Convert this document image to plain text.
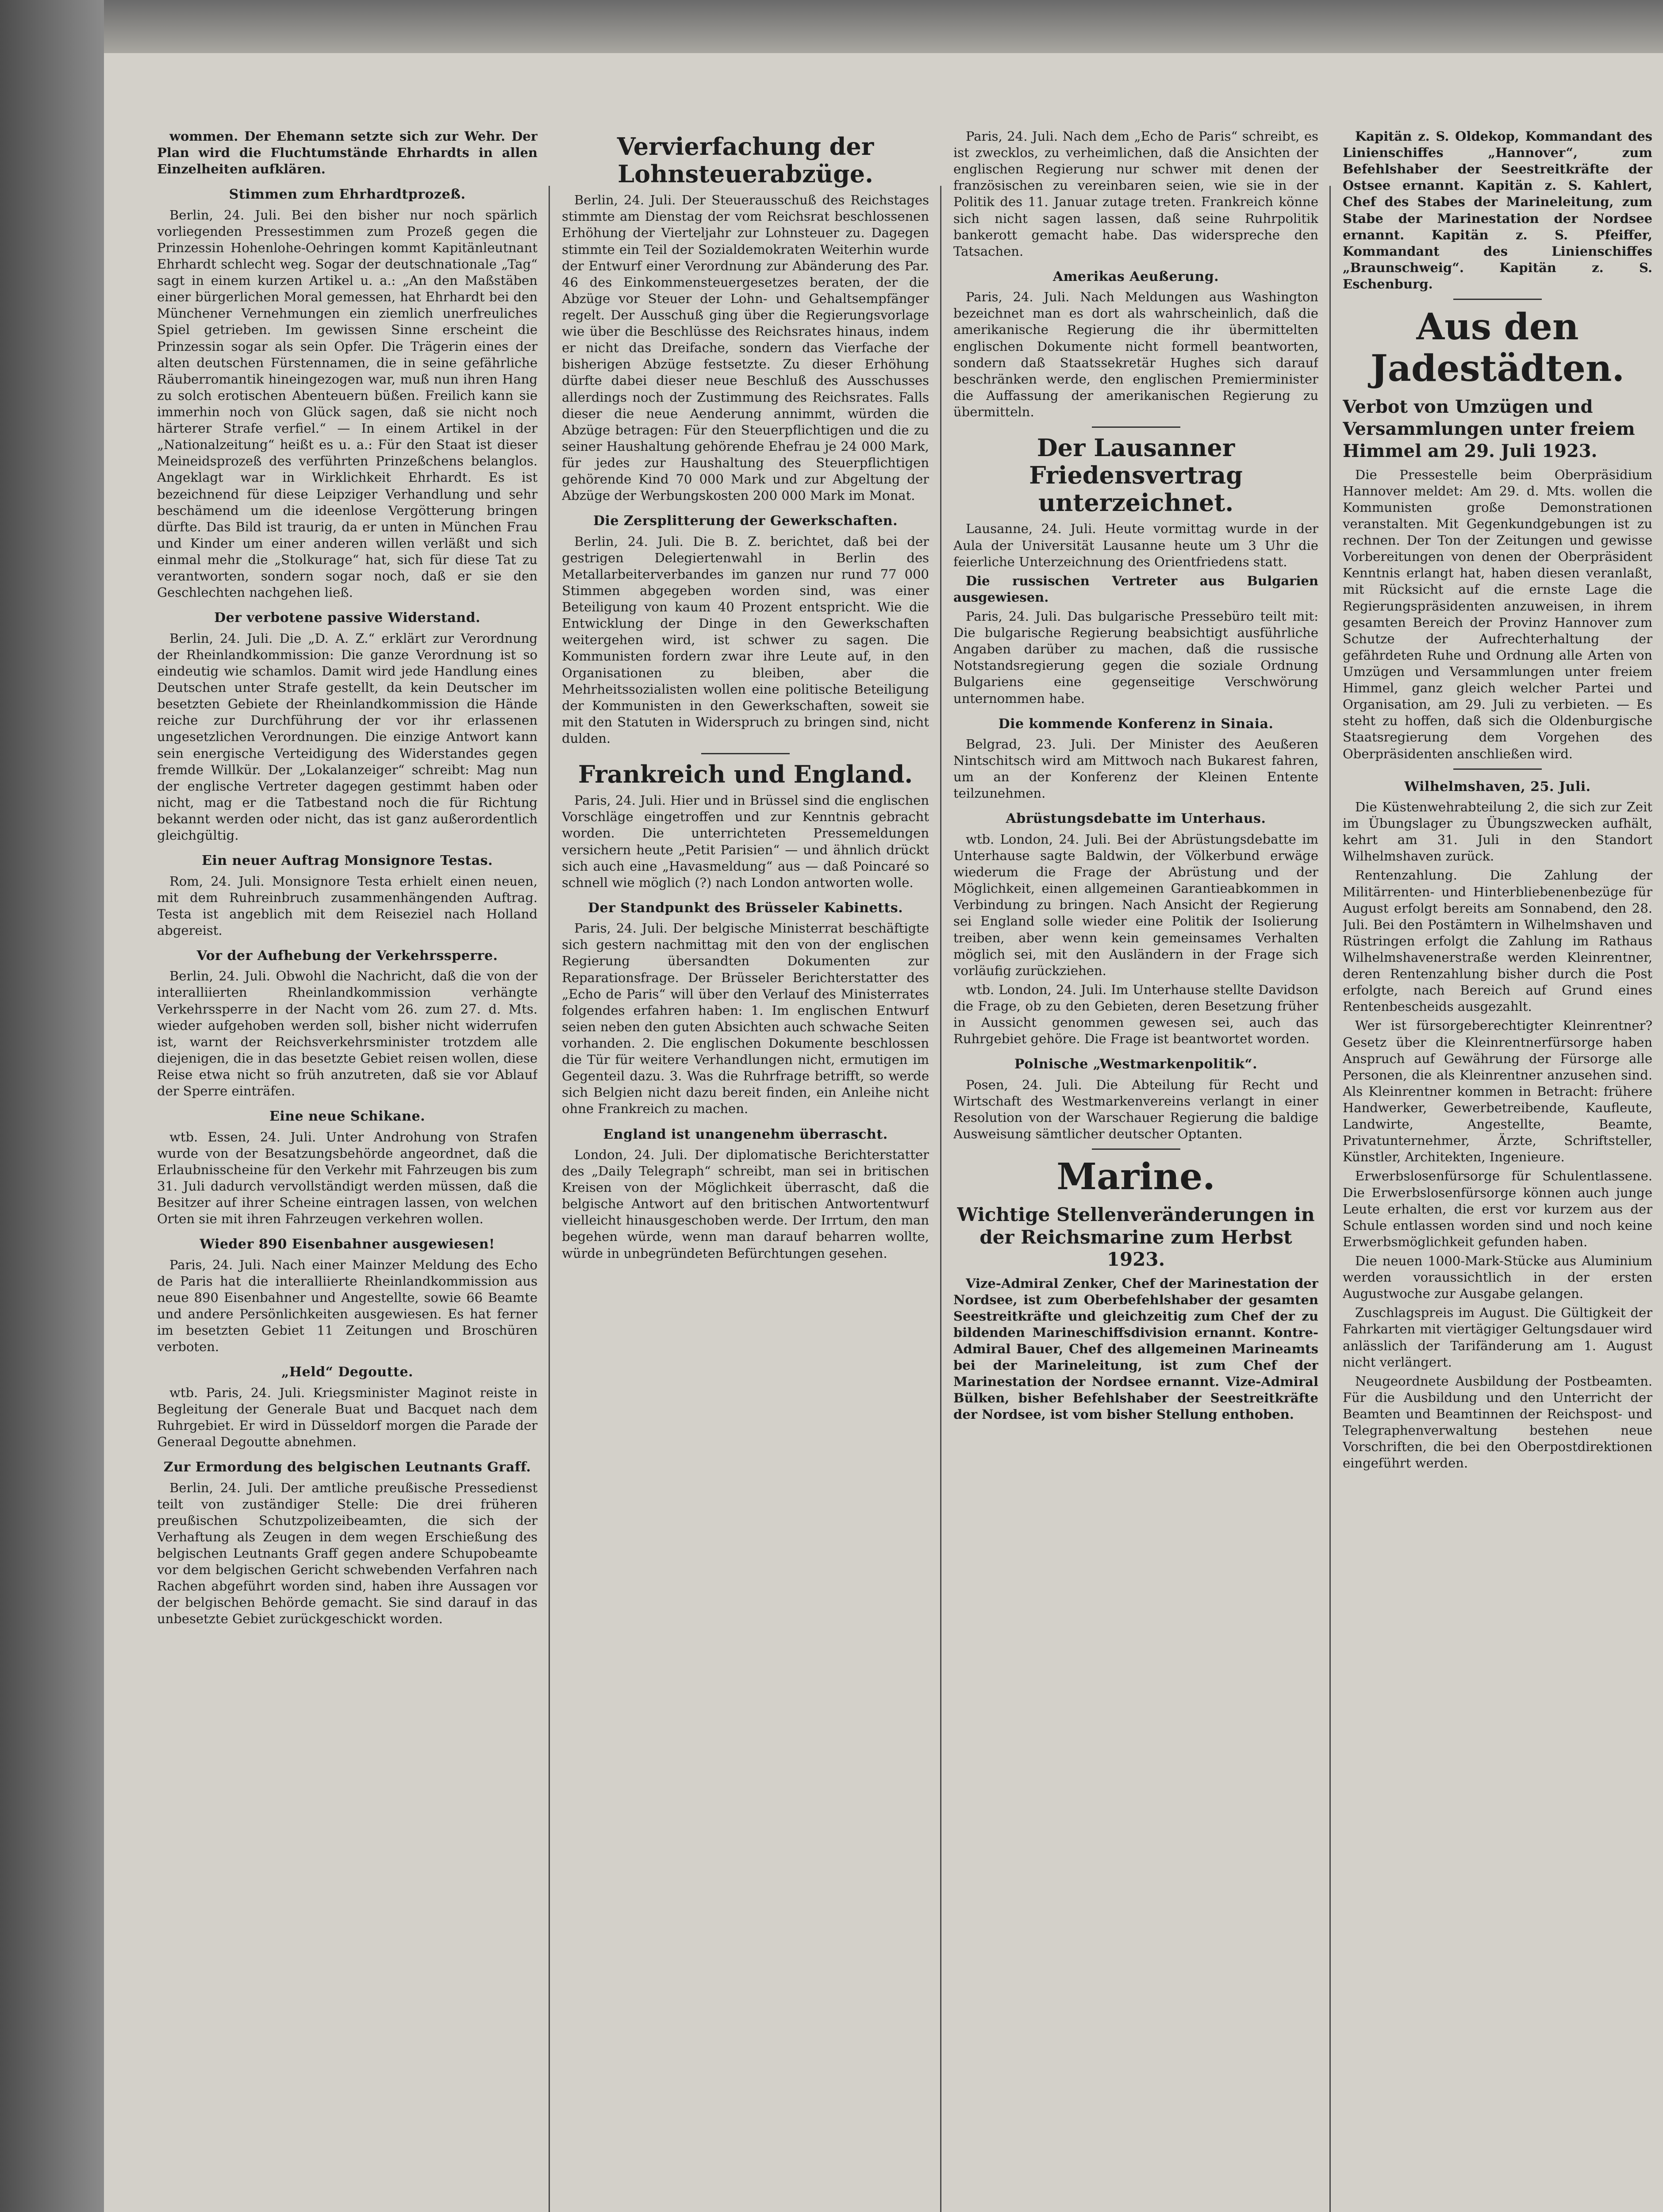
wommen. Der Ehemann setzte sich zur Wehr. Der Plan wird die Fluchtumstände Ehrhardts in allen Einzelheiten aufklären.

Stimmen zum Ehrhardtprozeß.

Berlin, 24. Juli. Bei den bisher nur noch spärlich vorliegenden Pressestimmen zum Prozeß gegen die Prinzessin Hohenlohe-Oehringen kommt Kapitänleutnant Ehrhardt schlecht weg. Sogar der deutschnationale „Tag“ sagt in einem kurzen Artikel u. a.: „An den Maßstäben einer bürgerlichen Moral gemessen, hat Ehrhardt bei den Münchener Vernehmungen ein ziemlich unerfreuliches Spiel getrieben. Im gewissen Sinne erscheint die Prinzessin sogar als sein Opfer. Die Trägerin eines der alten deutschen Fürstennamen, die in seine gefährliche Räuberromantik hineingezogen war, muß nun ihren Hang zu solch erotischen Abenteuern büßen. Freilich kann sie immerhin noch von Glück sagen, daß sie nicht noch härterer Strafe verfiel.“ — In einem Artikel in der „Nationalzeitung“ heißt es u. a.: Für den Staat ist dieser Meineidsprozeß des verführten Prinzeßchens belanglos. Angeklagt war in Wirklichkeit Ehrhardt. Es ist bezeichnend für diese Leipziger Verhandlung und sehr beschämend um die ideenlose Vergötterung bringen dürfte. Das Bild ist traurig, da er unten in München Frau und Kinder um einer anderen willen verläßt und sich einmal mehr die „Stolkurage“ hat, sich für diese Tat zu verantworten, sondern sogar noch, daß er sie den Geschlechten nachgehen ließ.

Der verbotene passive Widerstand.

Berlin, 24. Juli. Die „D. A. Z.“ erklärt zur Verordnung der Rheinlandkommission: Die ganze Verordnung ist so eindeutig wie schamlos. Damit wird jede Handlung eines Deutschen unter Strafe gestellt, da kein Deutscher im besetzten Gebiete der Rheinlandkommission die Hände reiche zur Durchführung der vor ihr erlassenen ungesetzlichen Verordnungen. Die einzige Antwort kann sein energische Verteidigung des Widerstandes gegen fremde Willkür. Der „Lokalanzeiger“ schreibt: Mag nun der englische Vertreter dagegen gestimmt haben oder nicht, mag er die Tatbestand noch die für Richtung bekannt werden oder nicht, das ist ganz außerordentlich gleichgültig.

Ein neuer Auftrag Monsignore Testas.

Rom, 24. Juli. Monsignore Testa erhielt einen neuen, mit dem Ruhreinbruch zusammenhängenden Auftrag. Testa ist angeblich mit dem Reiseziel nach Holland abgereist.

Vor der Aufhebung der Verkehrssperre.

Berlin, 24. Juli. Obwohl die Nachricht, daß die von der interalliierten Rheinlandkommission verhängte Verkehrssperre in der Nacht vom 26. zum 27. d. Mts. wieder aufgehoben werden soll, bisher nicht widerrufen ist, warnt der Reichsverkehrsminister trotzdem alle diejenigen, die in das besetzte Gebiet reisen wollen, diese Reise etwa nicht so früh anzutreten, daß sie vor Ablauf der Sperre einträfen.

Eine neue Schikane.

wtb. Essen, 24. Juli. Unter Androhung von Strafen wurde von der Besatzungsbehörde angeordnet, daß die Erlaubnisscheine für den Verkehr mit Fahrzeugen bis zum 31. Juli dadurch vervollständigt werden müssen, daß die Besitzer auf ihrer Scheine eintragen lassen, von welchen Orten sie mit ihren Fahrzeugen verkehren wollen.

Wieder 890 Eisenbahner ausgewiesen!

Paris, 24. Juli. Nach einer Mainzer Meldung des Echo de Paris hat die interalliierte Rheinlandkommission aus neue 890 Eisenbahner und Angestellte, sowie 66 Beamte und andere Persönlichkeiten ausgewiesen. Es hat ferner im besetzten Gebiet 11 Zeitungen und Broschüren verboten.

„Held“ Degoutte.

wtb. Paris, 24. Juli. Kriegsminister Maginot reiste in Begleitung der Generale Buat und Bacquet nach dem Ruhrgebiet. Er wird in Düsseldorf morgen die Parade der Generaal Degoutte abnehmen.

Zur Ermordung des belgischen Leutnants Graff.

Berlin, 24. Juli. Der amtliche preußische Pressedienst teilt von zuständiger Stelle: Die drei früheren preußischen Schutzpolizeibeamten, die sich der Verhaftung als Zeugen in dem wegen Erschießung des belgischen Leutnants Graff gegen andere Schupobeamte vor dem belgischen Gericht schwebenden Verfahren nach Rachen abgeführt worden sind, haben ihre Aussagen vor der belgischen Behörde gemacht. Sie sind darauf in das unbesetzte Gebiet zurückgeschickt worden.

Vervierfachung der Lohnsteuerabzüge.

Berlin, 24. Juli. Der Steuerausschuß des Reichstages stimmte am Dienstag der vom Reichsrat beschlossenen Erhöhung der Vierteljahr zur Lohnsteuer zu. Dagegen stimmte ein Teil der Sozialdemokraten Weiterhin wurde der Entwurf einer Verordnung zur Abänderung des Par. 46 des Einkommensteuergesetzes beraten, der die Abzüge vor Steuer der Lohn- und Gehaltsempfänger regelt. Der Ausschuß ging über die Regierungsvorlage wie über die Beschlüsse des Reichsrates hinaus, indem er nicht das Dreifache, sondern das Vierfache der bisherigen Abzüge festsetzte. Zu dieser Erhöhung dürfte dabei dieser neue Beschluß des Ausschusses allerdings noch der Zustimmung des Reichsrates. Falls dieser die neue Aenderung annimmt, würden die Abzüge betragen: Für den Steuerpflichtigen und die zu seiner Haushaltung gehörende Ehefrau je 24 000 Mark, für jedes zur Haushaltung des Steuerpflichtigen gehörende Kind 70 000 Mark und zur Abgeltung der Abzüge der Werbungskosten 200 000 Mark im Monat.

Die Zersplitterung der Gewerkschaften.

Berlin, 24. Juli. Die B. Z. berichtet, daß bei der gestrigen Delegiertenwahl in Berlin des Metallarbeiterverbandes im ganzen nur rund 77 000 Stimmen abgegeben worden sind, was einer Beteiligung von kaum 40 Prozent entspricht. Wie die Entwicklung der Dinge in den Gewerkschaften weitergehen wird, ist schwer zu sagen. Die Kommunisten fordern zwar ihre Leute auf, in den Organisationen zu bleiben, aber die Mehrheitssozialisten wollen eine politische Beteiligung der Kommunisten in den Gewerkschaften, soweit sie mit den Statuten in Widerspruch zu bringen sind, nicht dulden.

Frankreich und England.

Paris, 24. Juli. Hier und in Brüssel sind die englischen Vorschläge eingetroffen und zur Kenntnis gebracht worden. Die unterrichteten Pressemeldungen versichern heute „Petit Parisien“ — und ähnlich drückt sich auch eine „Havasmeldung“ aus — daß Poincaré so schnell wie möglich (?) nach London antworten wolle.

Der Standpunkt des Brüsseler Kabinetts.

Paris, 24. Juli. Der belgische Ministerrat beschäftigte sich gestern nachmittag mit den von der englischen Regierung übersandten Dokumenten zur Reparationsfrage. Der Brüsseler Berichterstatter des „Echo de Paris“ will über den Verlauf des Ministerrates folgendes erfahren haben: 1. Im englischen Entwurf seien neben den guten Absichten auch schwache Seiten vorhanden. 2. Die englischen Dokumente beschlossen die Tür für weitere Verhandlungen nicht, ermutigen im Gegenteil dazu. 3. Was die Ruhrfrage betrifft, so werde sich Belgien nicht dazu bereit finden, ein Anleihe nicht ohne Frankreich zu machen.

England ist unangenehm überrascht.

London, 24. Juli. Der diplomatische Berichterstatter des „Daily Telegraph“ schreibt, man sei in britischen Kreisen von der Möglichkeit überrascht, daß die belgische Antwort auf den britischen Antwortentwurf vielleicht hinausgeschoben werde. Der Irrtum, den man begehen würde, wenn man darauf beharren wollte, würde in unbegründeten Befürchtungen gesehen.

Paris, 24. Juli. Nach dem „Echo de Paris“ schreibt, es ist zwecklos, zu verheimlichen, daß die Ansichten der englischen Regierung nur schwer mit denen der französischen zu vereinbaren seien, wie sie in der Politik des 11. Januar zutage treten. Frankreich könne sich nicht sagen lassen, daß seine Ruhrpolitik bankerott gemacht habe. Das widerspreche den Tatsachen.

Amerikas Aeußerung.

Paris, 24. Juli. Nach Meldungen aus Washington bezeichnet man es dort als wahrscheinlich, daß die amerikanische Regierung die ihr übermittelten englischen Dokumente nicht formell beantworten, sondern daß Staatssekretär Hughes sich darauf beschränken werde, den englischen Premierminister die Auffassung der amerikanischen Regierung zu übermitteln.

Der Lausanner Friedensvertrag unterzeichnet.

Lausanne, 24. Juli. Heute vormittag wurde in der Aula der Universität Lausanne heute um 3 Uhr die feierliche Unterzeichnung des Orientfriedens statt.

Die russischen Vertreter aus Bulgarien ausgewiesen.

Paris, 24. Juli. Das bulgarische Pressebüro teilt mit: Die bulgarische Regierung beabsichtigt ausführliche Angaben darüber zu machen, daß die russische Notstandsregierung gegen die soziale Ordnung Bulgariens eine gegenseitige Verschwörung unternommen habe.

Die kommende Konferenz in Sinaia.

Belgrad, 23. Juli. Der Minister des Aeußeren Nintschitsch wird am Mittwoch nach Bukarest fahren, um an der Konferenz der Kleinen Entente teilzunehmen.

Abrüstungsdebatte im Unterhaus.

wtb. London, 24. Juli. Bei der Abrüstungsdebatte im Unterhause sagte Baldwin, der Völkerbund erwäge wiederum die Frage der Abrüstung und der Möglichkeit, einen allgemeinen Garantieabkommen in Verbindung zu bringen. Nach Ansicht der Regierung sei England solle wieder eine Politik der Isolierung treiben, aber wenn kein gemeinsames Verhalten möglich sei, mit den Ausländern in der Frage sich vorläufig zurückziehen.

wtb. London, 24. Juli. Im Unterhause stellte Davidson die Frage, ob zu den Gebieten, deren Besetzung früher in Aussicht genommen gewesen sei, auch das Ruhrgebiet gehöre. Die Frage ist beantwortet worden.

Polnische „Westmarkenpolitik“.

Posen, 24. Juli. Die Abteilung für Recht und Wirtschaft des Westmarkenvereins verlangt in einer Resolution von der Warschauer Regierung die baldige Ausweisung sämtlicher deutscher Optanten.

Marine.
Wichtige Stellenveränderungen in der Reichsmarine zum Herbst 1923.

Vize-Admiral Zenker, Chef der Marinestation der Nordsee, ist zum Oberbefehlshaber der gesamten Seestreitkräfte und gleichzeitig zum Chef der zu bildenden Marineschiffsdivision ernannt. Kontre-Admiral Bauer, Chef des allgemeinen Marineamts bei der Marineleitung, ist zum Chef der Marinestation der Nordsee ernannt. Vize-Admiral Bülken, bisher Befehlshaber der Seestreitkräfte der Nordsee, ist vom bisher Stellung enthoben.

Kapitän z. S. Oldekop, Kommandant des Linienschiffes „Hannover“, zum Befehlshaber der Seestreitkräfte der Ostsee ernannt. Kapitän z. S. Kahlert, Chef des Stabes der Marineleitung, zum Stabe der Marinestation der Nordsee ernannt. Kapitän z. S. Pfeiffer, Kommandant des Linienschiffes „Braunschweig“. Kapitän z. S. Eschenburg.

Aus den Jadestädten.
Verbot von Umzügen und Versammlungen unter freiem Himmel am 29. Juli 1923.

Die Pressestelle beim Oberpräsidium Hannover meldet: Am 29. d. Mts. wollen die Kommunisten große Demonstrationen veranstalten. Mit Gegenkundgebungen ist zu rechnen. Der Ton der Zeitungen und gewisse Vorbereitungen von denen der Oberpräsident Kenntnis erlangt hat, haben diesen veranlaßt, mit Rücksicht auf die ernste Lage die Regierungspräsidenten anzuweisen, in ihrem gesamten Bereich der Provinz Hannover zum Schutze der Aufrechterhaltung der gefährdeten Ruhe und Ordnung alle Arten von Umzügen und Versammlungen unter freiem Himmel, ganz gleich welcher Partei und Organisation, am 29. Juli zu verbieten. — Es steht zu hoffen, daß sich die Oldenburgische Staatsregierung dem Vorgehen des Oberpräsidenten anschließen wird.

Wilhelmshaven, 25. Juli.

Die Küstenwehrabteilung 2, die sich zur Zeit im Übungslager zu Übungszwecken aufhält, kehrt am 31. Juli in den Standort Wilhelmshaven zurück.

Rentenzahlung. Die Zahlung der Militärrenten- und Hinterbliebenenbezüge für August erfolgt bereits am Sonnabend, den 28. Juli. Bei den Postämtern in Wilhelmshaven und Rüstringen erfolgt die Zahlung im Rathaus Wilhelmshavenerstraße werden Kleinrentner, deren Rentenzahlung bisher durch die Post erfolgte, nach Bereich auf Grund eines Rentenbescheids ausgezahlt.

Wer ist fürsorgeberechtigter Kleinrentner? Gesetz über die Kleinrentnerfürsorge haben Anspruch auf Gewährung der Fürsorge alle Personen, die als Kleinrentner anzusehen sind. Als Kleinrentner kommen in Betracht: frühere Handwerker, Gewerbetreibende, Kaufleute, Landwirte, Angestellte, Beamte, Privatunternehmer, Ärzte, Schriftsteller, Künstler, Architekten, Ingenieure.

Erwerbslosenfürsorge für Schulentlassene. Die Erwerbslosenfürsorge können auch junge Leute erhalten, die erst vor kurzem aus der Schule entlassen worden sind und noch keine Erwerbsmöglichkeit gefunden haben.

Die neuen 1000-Mark-Stücke aus Aluminium werden voraussichtlich in der ersten Augustwoche zur Ausgabe gelangen.

Zuschlagspreis im August. Die Gültigkeit der Fahrkarten mit viertägiger Geltungsdauer wird anlässlich der Tarifänderung am 1. August nicht verlängert.

Neugeordnete Ausbildung der Postbeamten. Für die Ausbildung und den Unterricht der Beamten und Beamtinnen der Reichspost- und Telegraphenverwaltung bestehen neue Vorschriften, die bei den Oberpostdirektionen eingeführt werden.
